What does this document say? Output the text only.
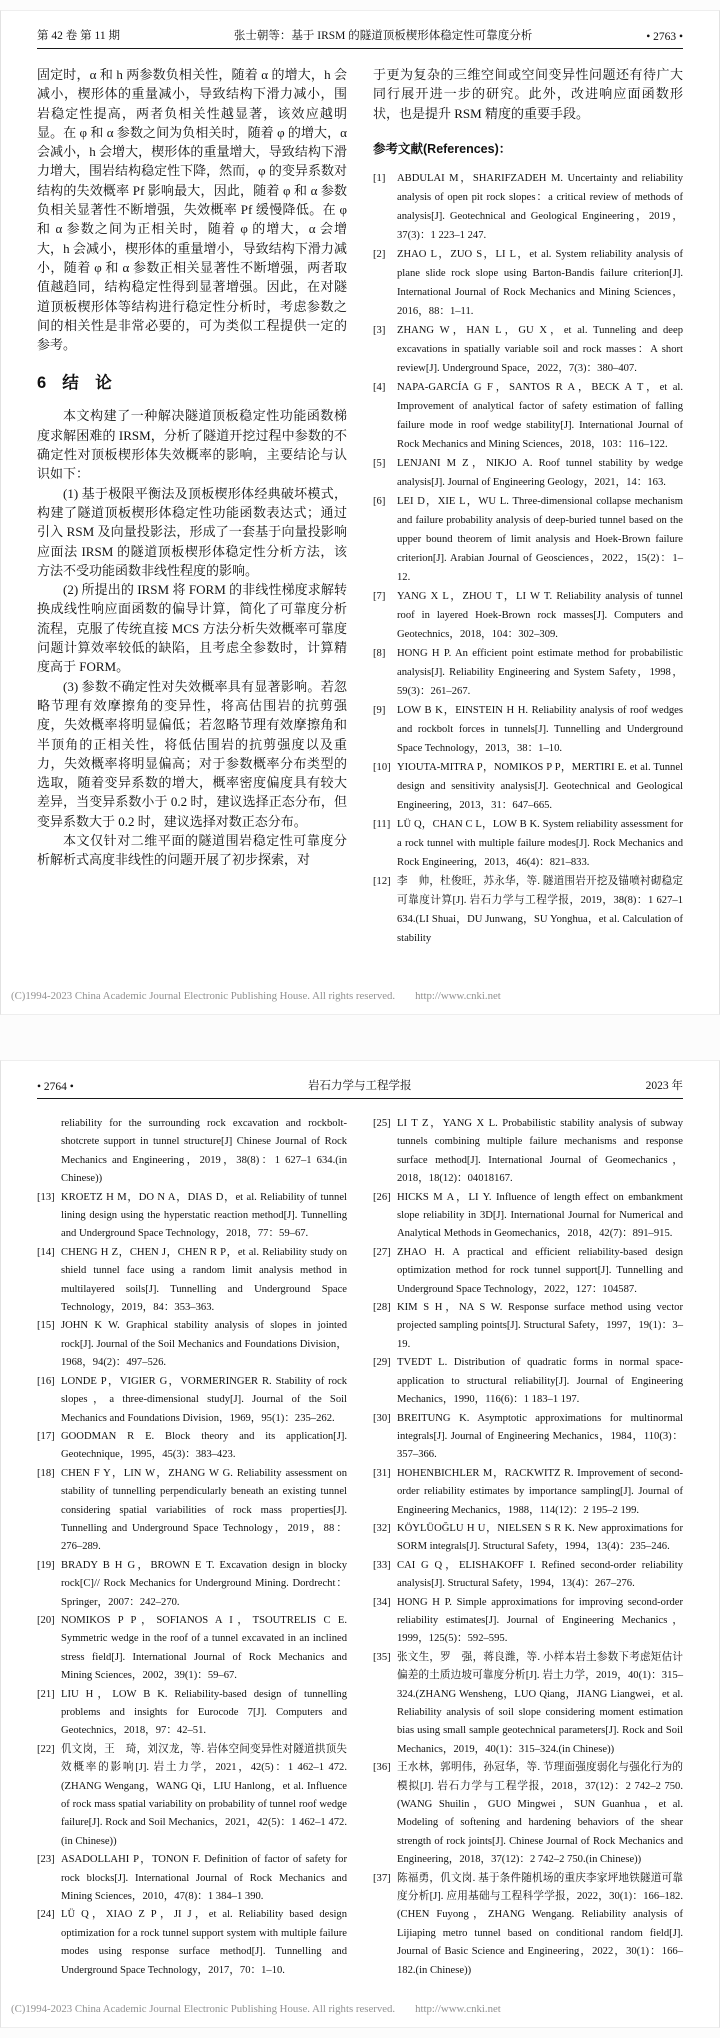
第 42 卷 第 11 期	张士朝等：基于 IRSM 的隧道顶板楔形体稳定性可靠度分析	• 2763 •

固定时，α 和 h 两参数负相关性，随着 α 的增大，h 会减小，楔形体的重量减小，导致结构下滑力减小，围岩稳定性提高，两者负相关性越显著，该效应越明显。在 φ 和 α 参数之间为负相关时，随着 φ 的增大，α 会减小，h 会增大，楔形体的重量增大，导致结构下滑力增大，围岩结构稳定性下降，然而，φ 的变异系数对结构的失效概率 Pf 影响最大，因此，随着 φ 和 α 参数负相关显著性不断增强，失效概率 Pf 缓慢降低。在 φ 和 α 参数之间为正相关时，随着 φ 的增大，α 会增大，h 会减小，楔形体的重量增小，导致结构下滑力减小，随着 φ 和 α 参数正相关显著性不断增强，两者取值越趋同，结构稳定性得到显著增强。因此，在对隧道顶板楔形体等结构进行稳定性分析时，考虑参数之间的相关性是非常必要的，可为类似工程提供一定的参考。

6 结　论

本文构建了一种解决隧道顶板稳定性功能函数梯度求解困难的 IRSM，分析了隧道开挖过程中参数的不确定性对顶板楔形体失效概率的影响，主要结论与认识如下：

(1) 基于极限平衡法及顶板楔形体经典破坏模式，构建了隧道顶板楔形体稳定性功能函数表达式；通过引入 RSM 及向量投影法，形成了一套基于向量投影响应面法 IRSM 的隧道顶板楔形体稳定性分析方法，该方法不受功能函数非线性程度的影响。

(2) 所提出的 IRSM 将 FORM 的非线性梯度求解转换成线性响应面函数的偏导计算，简化了可靠度分析流程，克服了传统直接 MCS 方法分析失效概率可靠度问题计算效率较低的缺陷，且考虑全参数时，计算精度高于 FORM。

(3) 参数不确定性对失效概率具有显著影响。若忽略节理有效摩擦角的变异性，将高估围岩的抗剪强度，失效概率将明显偏低；若忽略节理有效摩擦角和半顶角的正相关性，将低估围岩的抗剪强度以及重力，失效概率将明显偏高；对于参数概率分布类型的选取，随着变异系数的增大，概率密度偏度具有较大差异，当变异系数小于 0.2 时，建议选择正态分布，但变异系数大于 0.2 时，建议选择对数正态分布。

本文仅针对二维平面的隧道围岩稳定性可靠度分析解析式高度非线性的问题开展了初步探索，对

于更为复杂的三维空间或空间变异性问题还有待广大同行展开进一步的研究。此外，改进响应面函数形状，也是提升 RSM 精度的重要手段。

参考文献(References)：
[1] ABDULAI M，SHARIFZADEH M. Uncertainty and reliability analysis of open pit rock slopes：a critical review of methods of analysis[J]. Geotechnical and Geological Engineering，2019，37(3)：1 223–1 247.
[2] ZHAO L，ZUO S，LI L，et al. System reliability analysis of plane slide rock slope using Barton-Bandis failure criterion[J]. International Journal of Rock Mechanics and Mining Sciences，2016，88：1–11.
[3] ZHANG W，HAN L，GU X，et al. Tunneling and deep excavations in spatially variable soil and rock masses：A short review[J]. Underground Space，2022，7(3)：380–407.
[4] NAPA-GARCÍA G F，SANTOS R A，BECK A T，et al. Improvement of analytical factor of safety estimation of falling failure mode in roof wedge stability[J]. International Journal of Rock Mechanics and Mining Sciences，2018，103：116–122.
[5] LENJANI M Z，NIKJO A. Roof tunnel stability by wedge analysis[J]. Journal of Engineering Geology，2021，14：163.
[6] LEI D，XIE L，WU L. Three-dimensional collapse mechanism and failure probability analysis of deep-buried tunnel based on the upper bound theorem of limit analysis and Hoek-Brown failure criterion[J]. Arabian Journal of Geosciences，2022，15(2)：1–12.
[7] YANG X L，ZHOU T，LI W T. Reliability analysis of tunnel roof in layered Hoek-Brown rock masses[J]. Computers and Geotechnics，2018，104：302–309.
[8] HONG H P. An efficient point estimate method for probabilistic analysis[J]. Reliability Engineering and System Safety，1998，59(3)：261–267.
[9] LOW B K，EINSTEIN H H. Reliability analysis of roof wedges and rockbolt forces in tunnels[J]. Tunnelling and Underground Space Technology，2013，38：1–10.
[10] YIOUTA-MITRA P，NOMIKOS P P，MERTIRI E. et al. Tunnel design and sensitivity analysis[J]. Geotechnical and Geological Engineering，2013，31：647–665.
[11] LÜ Q，CHAN C L，LOW B K. System reliability assessment for a rock tunnel with multiple failure modes[J]. Rock Mechanics and Rock Engineering，2013，46(4)：821–833.
[12] 李　帅，杜俊旺，苏永华，等. 隧道围岩开挖及锚喷衬砌稳定可靠度计算[J]. 岩石力学与工程学报，2019，38(8)：1 627–1 634.(LI Shuai，DU Junwang，SU Yonghua，et al. Calculation of stability
(C)1994-2023 China Academic Journal Electronic Publishing House. All rights reserved. http://www.cnki.net
• 2764 •	岩石力学与工程学报	2023 年

reliability for the surrounding rock excavation and rockbolt-shotcrete support in tunnel structure[J] Chinese Journal of Rock Mechanics and Engineering，2019，38(8)：1 627–1 634.(in Chinese))

[13] KROETZ H M，DO N A，DIAS D，et al. Reliability of tunnel lining design using the hyperstatic reaction method[J]. Tunnelling and Underground Space Technology，2018，77：59–67.
[14] CHENG H Z，CHEN J，CHEN R P，et al. Reliability study on shield tunnel face using a random limit analysis method in multilayered soils[J]. Tunnelling and Underground Space Technology，2019，84：353–363.
[15] JOHN K W. Graphical stability analysis of slopes in jointed rock[J]. Journal of the Soil Mechanics and Foundations Division，1968，94(2)：497–526.
[16] LONDE P，VIGIER G，VORMERINGER R. Stability of rock slopes，a three-dimensional study[J]. Journal of the Soil Mechanics and Foundations Division，1969，95(1)：235–262.
[17] GOODMAN R E. Block theory and its application[J]. Geotechnique，1995，45(3)：383–423.
[18] CHEN F Y，LIN W，ZHANG W G. Reliability assessment on stability of tunnelling perpendicularly beneath an existing tunnel considering spatial variabilities of rock mass properties[J]. Tunnelling and Underground Space Technology，2019，88：276–289.
[19] BRADY B H G，BROWN E T. Excavation design in blocky rock[C]// Rock Mechanics for Underground Mining. Dordrecht：Springer，2007：242–270.
[20] NOMIKOS P P，SOFIANOS A I，TSOUTRELIS C E. Symmetric wedge in the roof of a tunnel excavated in an inclined stress field[J]. International Journal of Rock Mechanics and Mining Sciences，2002，39(1)：59–67.
[21] LIU H，LOW B K. Reliability-based design of tunnelling problems and insights for Eurocode 7[J]. Computers and Geotechnics，2018，97：42–51.
[22] 仉文岗，王　琦，刘汉龙，等. 岩体空间变异性对隧道拱顶失效概率的影响[J]. 岩土力学，2021，42(5)：1 462–1 472.(ZHANG Wengang，WANG Qi，LIU Hanlong，et al. Influence of rock mass spatial variability on probability of tunnel roof wedge failure[J]. Rock and Soil Mechanics，2021，42(5)：1 462–1 472.(in Chinese))
[23] ASADOLLAHI P，TONON F. Definition of factor of safety for rock blocks[J]. International Journal of Rock Mechanics and Mining Sciences，2010，47(8)：1 384–1 390.
[24] LÜ Q，XIAO Z P，JI J，et al. Reliability based design optimization for a rock tunnel support system with multiple failure modes using response surface method[J]. Tunnelling and Underground Space Technology，2017，70：1–10.
[25] LI T Z，YANG X L. Probabilistic stability analysis of subway tunnels combining multiple failure mechanisms and response surface method[J]. International Journal of Geomechanics，2018，18(12)：04018167.
[26] HICKS M A，LI Y. Influence of length effect on embankment slope reliability in 3D[J]. International Journal for Numerical and Analytical Methods in Geomechanics，2018，42(7)：891–915.
[27] ZHAO H. A practical and efficient reliability-based design optimization method for rock tunnel support[J]. Tunnelling and Underground Space Technology，2022，127：104587.
[28] KIM S H，NA S W. Response surface method using vector projected sampling points[J]. Structural Safety，1997，19(1)：3–19.
[29] TVEDT L. Distribution of quadratic forms in normal space-application to structural reliability[J]. Journal of Engineering Mechanics，1990，116(6)：1 183–1 197.
[30] BREITUNG K. Asymptotic approximations for multinormal integrals[J]. Journal of Engineering Mechanics，1984，110(3)：357–366.
[31] HOHENBICHLER M，RACKWITZ R. Improvement of second-order reliability estimates by importance sampling[J]. Journal of Engineering Mechanics，1988，114(12)：2 195–2 199.
[32] KÖYLÜOĞLU H U，NIELSEN S R K. New approximations for SORM integrals[J]. Structural Safety，1994，13(4)：235–246.
[33] CAI G Q，ELISHAKOFF I. Refined second-order reliability analysis[J]. Structural Safety，1994，13(4)：267–276.
[34] HONG H P. Simple approximations for improving second-order reliability estimates[J]. Journal of Engineering Mechanics，1999，125(5)：592–595.
[35] 张文生，罗　强，蒋良潍，等. 小样本岩土参数下考虑矩估计偏差的土质边坡可靠度分析[J]. 岩土力学，2019，40(1)：315–324.(ZHANG Wensheng，LUO Qiang，JIANG Liangwei，et al. Reliability analysis of soil slope considering moment estimation bias using small sample geotechnical parameters[J]. Rock and Soil Mechanics，2019，40(1)：315–324.(in Chinese))
[36] 王水林，郭明伟，孙冠华，等. 节理面强度弱化与强化行为的模拟[J]. 岩石力学与工程学报，2018，37(12)：2 742–2 750.(WANG Shuilin，GUO Mingwei，SUN Guanhua，et al. Modeling of softening and hardening behaviors of the shear strength of rock joints[J]. Chinese Journal of Rock Mechanics and Engineering，2018，37(12)：2 742–2 750.(in Chinese))
[37] 陈福勇，仉文岗. 基于条件随机场的重庆李家坪地铁隧道可靠度分析[J]. 应用基础与工程科学学报，2022，30(1)：166–182.(CHEN Fuyong，ZHANG Wengang. Reliability analysis of Lijiaping metro tunnel based on conditional random field[J]. Journal of Basic Science and Engineering，2022，30(1)：166–182.(in Chinese))
(C)1994-2023 China Academic Journal Electronic Publishing House. All rights reserved. http://www.cnki.net
